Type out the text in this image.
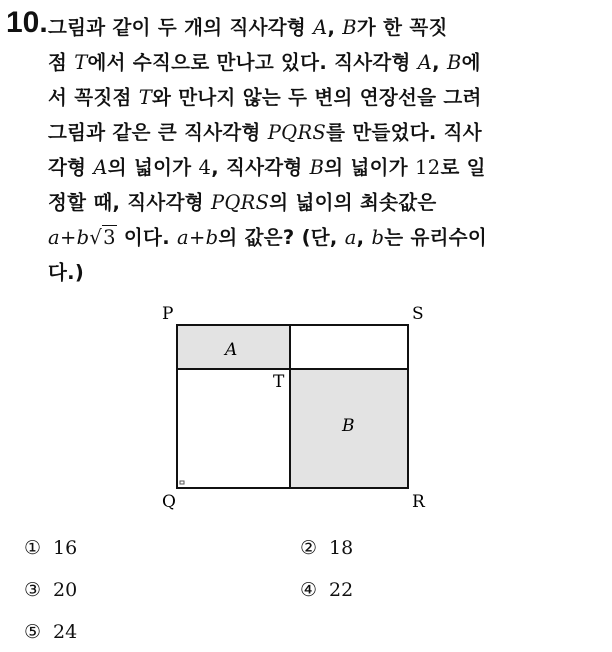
10. 그림과 같이 두 개의 직사각형 A, B가 한 꼭짓

점 T에서 수직으로 만나고 있다. 직사각형 A, B에

서 꼭짓점 T와 만나지 않는 두 변의 연장선을 그려

그림과 같은 큰 직사각형 PQRS를 만들었다. 직사

각형 A의 넓이가 4, 직사각형 B의 넓이가 12로 일

정할 때, 직사각형 PQRS의 넓이의 최솟값은

a+b√3 이다. a+b의 값은? (단, a, b는 유리수이

다.)

P	S
Q	R
T
A
B
① 16	② 18
③ 20	④ 22
⑤ 24
